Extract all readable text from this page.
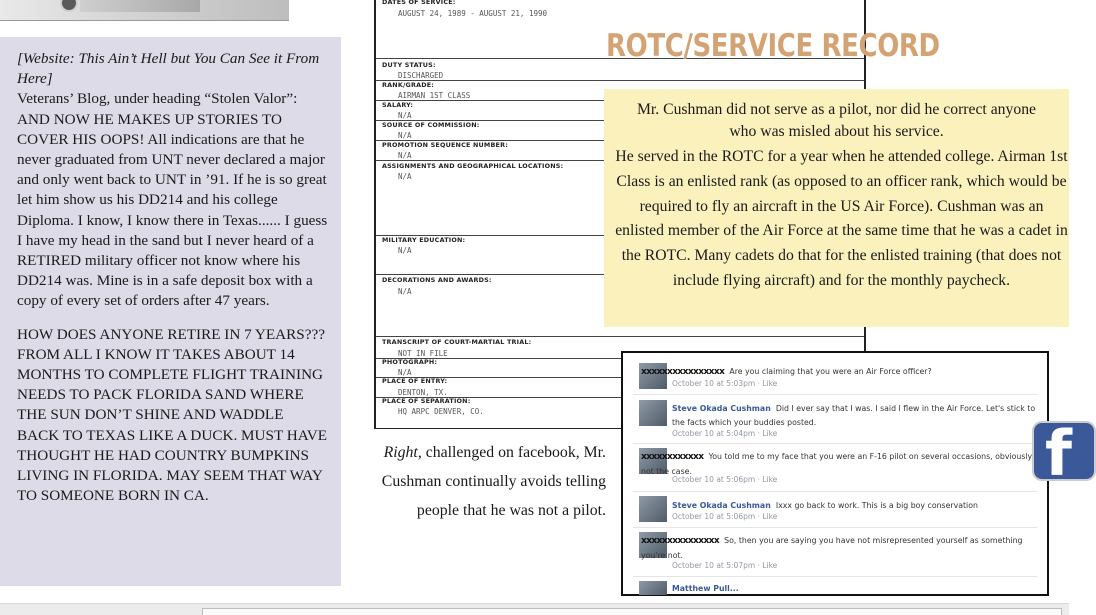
[Website: This Ain’t Hell but You Can See it From Here]
Veterans’ Blog, under heading “Stolen Valor”: AND NOW HE MAKES UP STORIES TO COVER HIS OOPS! All indications are that he never graduated from UNT never declared a major and only went back to UNT in ’91. If he is so great let him show us his DD214 and his college Diploma. I know, I know there in Texas...... I guess I have my head in the sand but I never heard of a RETIRED military officer not know where his DD214 was. Mine is in a safe deposit box with a copy of every set of orders after 47 years.

HOW DOES ANYONE RETIRE IN 7 YEARS??? FROM ALL I KNOW IT TAKES ABOUT 14 MONTHS TO COMPLETE FLIGHT TRAINING NEEDS TO PACK FLORIDA SAND WHERE THE SUN DON’T SHINE AND WADDLE BACK TO TEXAS LIKE A DUCK. MUST HAVE THOUGHT HE HAD COUNTRY BUMPKINS LIVING IN FLORIDA. MAY SEEM THAT WAY TO SOMEONE BORN IN CA.

DATES OF SERVICE:
AUGUST 24, 1989 - AUGUST 21, 1990
DUTY STATUS:
DISCHARGED
RANK/GRADE:
AIRMAN 1ST CLASS
SALARY:
N/A
SOURCE OF COMMISSION:
N/A
PROMOTION SEQUENCE NUMBER:
N/A
ASSIGNMENTS AND GEOGRAPHICAL LOCATIONS:
N/A
MILITARY EDUCATION:
N/A
DECORATIONS AND AWARDS:
N/A
TRANSCRIPT OF COURT-MARTIAL TRIAL:
NOT IN FILE
PHOTOGRAPH:
N/A
PLACE OF ENTRY:
DENTON, TX.
PLACE OF SEPARATION:
HQ ARPC DENVER, CO.
ROTC/SERVICE RECORD

Mr. Cushman did not serve as a pilot, nor did he correct anyone who was misled about his service.

He served in the ROTC for a year when he attended college. Airman 1st Class is an enlisted rank (as opposed to an officer rank, which would be required to fly an aircraft in the US Air Force). Cushman was an enlisted member of the Air Force at the same time that he was a cadet in the ROTC. Many cadets do that for the enlisted training (that does not include flying aircraft) and for the monthly paycheck.

Right, challenged on facebook, Mr. Cushman continually avoids telling people that he was not a pilot.
xxxxxxxxxxxxxxxx Are you claiming that you were an Air Force officer?
October 10 at 5:03pm · Like
Steve Okada Cushman Did I ever say that I was. I said I flew in the Air Force. Let's stick to the facts which your buddies posted.
October 10 at 5:04pm · Like
xxxxxxxxxxxx You told me to my face that you were an F-16 pilot on several occasions, obviously not the case.
October 10 at 5:06pm · Like
Steve Okada Cushman Ixxx go back to work. This is a big boy conservation
October 10 at 5:06pm · Like
xxxxxxxxxxxxxxx So, then you are saying you have not misrepresented yourself as something you're not.
October 10 at 5:07pm · Like
Matthew Pull...
f
